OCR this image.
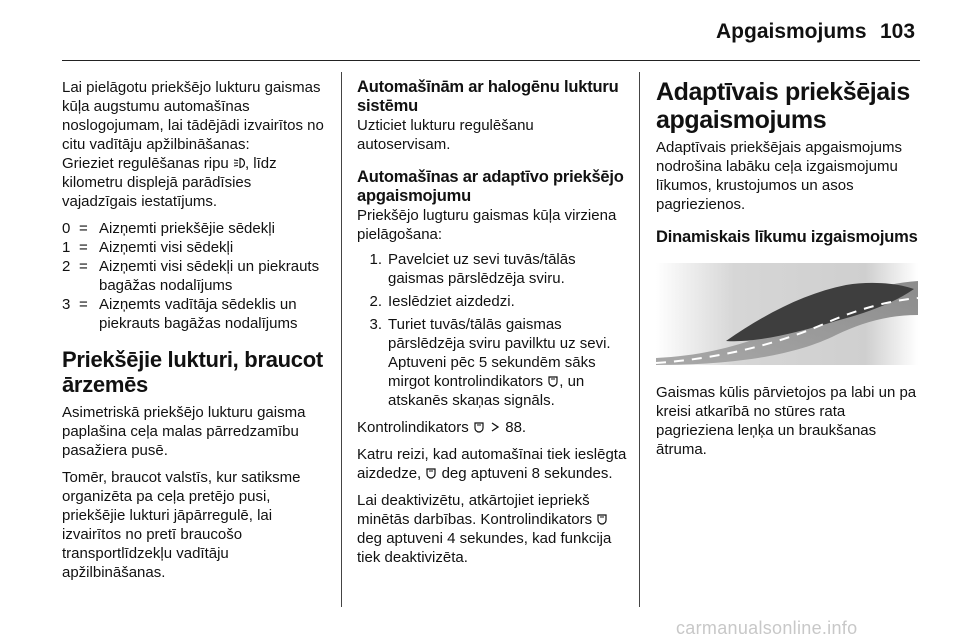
Apgaismojums 103

Lai pielāgotu priekšējo lukturu gaismas kūļa augstumu automašīnas noslogojumam, lai tādējādi izvairītos no citu vadītāju apžilbināšanas:

Grieziet regulēšanas ripu , līdz kilometru displejā parādīsies vajadzīgais iestatījums.

0 = Aizņemti priekšējie sēdekļi
1 = Aizņemti visi sēdekļi
2 = Aizņemti visi sēdekļi un piekrauts bagāžas nodalījums
3 = Aizņemts vadītāja sēdeklis un piekrauts bagāžas nodalījums
Priekšējie lukturi, braucot ārzemēs

Asimetriskā priekšējo lukturu gaisma paplašina ceļa malas pārredzamību pasažiera pusē.

Tomēr, braucot valstīs, kur satiksme organizēta pa ceļa pretējo pusi, priekšējie lukturi jāpārregulē, lai izvairītos no pretī braucošo transportlīdzekļu vadītāju apžilbināšanas.

Automašīnām ar halogēnu lukturu sistēmu

Uzticiet lukturu regulēšanu autoservisam.

Automašīnas ar adaptīvo priekšējo apgaismojumu

Priekšējo lugturu gaismas kūļa virziena pielāgošana:

1. Pavelciet uz sevi tuvās/tālās gaismas pārslēdzēja sviru.
2. Ieslēdziet aizdedzi.
3. Turiet tuvās/tālās gaismas pārslēdzēja sviru pavilktu uz sevi. Aptuveni pēc 5 sekundēm sāks mirgot kontrolindikators , un atskanēs skaņas signāls.

Kontrolindikators 88.

Katru reizi, kad automašīnai tiek ieslēgta aizdedze, deg aptuveni 8 sekundes.

Lai deaktivizētu, atkārtojiet iepriekš minētās darbības. Kontrolindikators  deg aptuveni 4 sekundes, kad funkcija tiek deaktivizēta.

Adaptīvais priekšējais apgaismojums

Adaptīvais priekšējais apgaismojums nodrošina labāku ceļa izgaismojumu līkumos, krustojumos un asos pagriezienos.

Dinamiskais līkumu izgaismojums

Gaismas kūlis pārvietojos pa labi un pa kreisi atkarībā no stūres rata pagrieziena leņķa un braukšanas ātruma.

carmanualsonline.info
